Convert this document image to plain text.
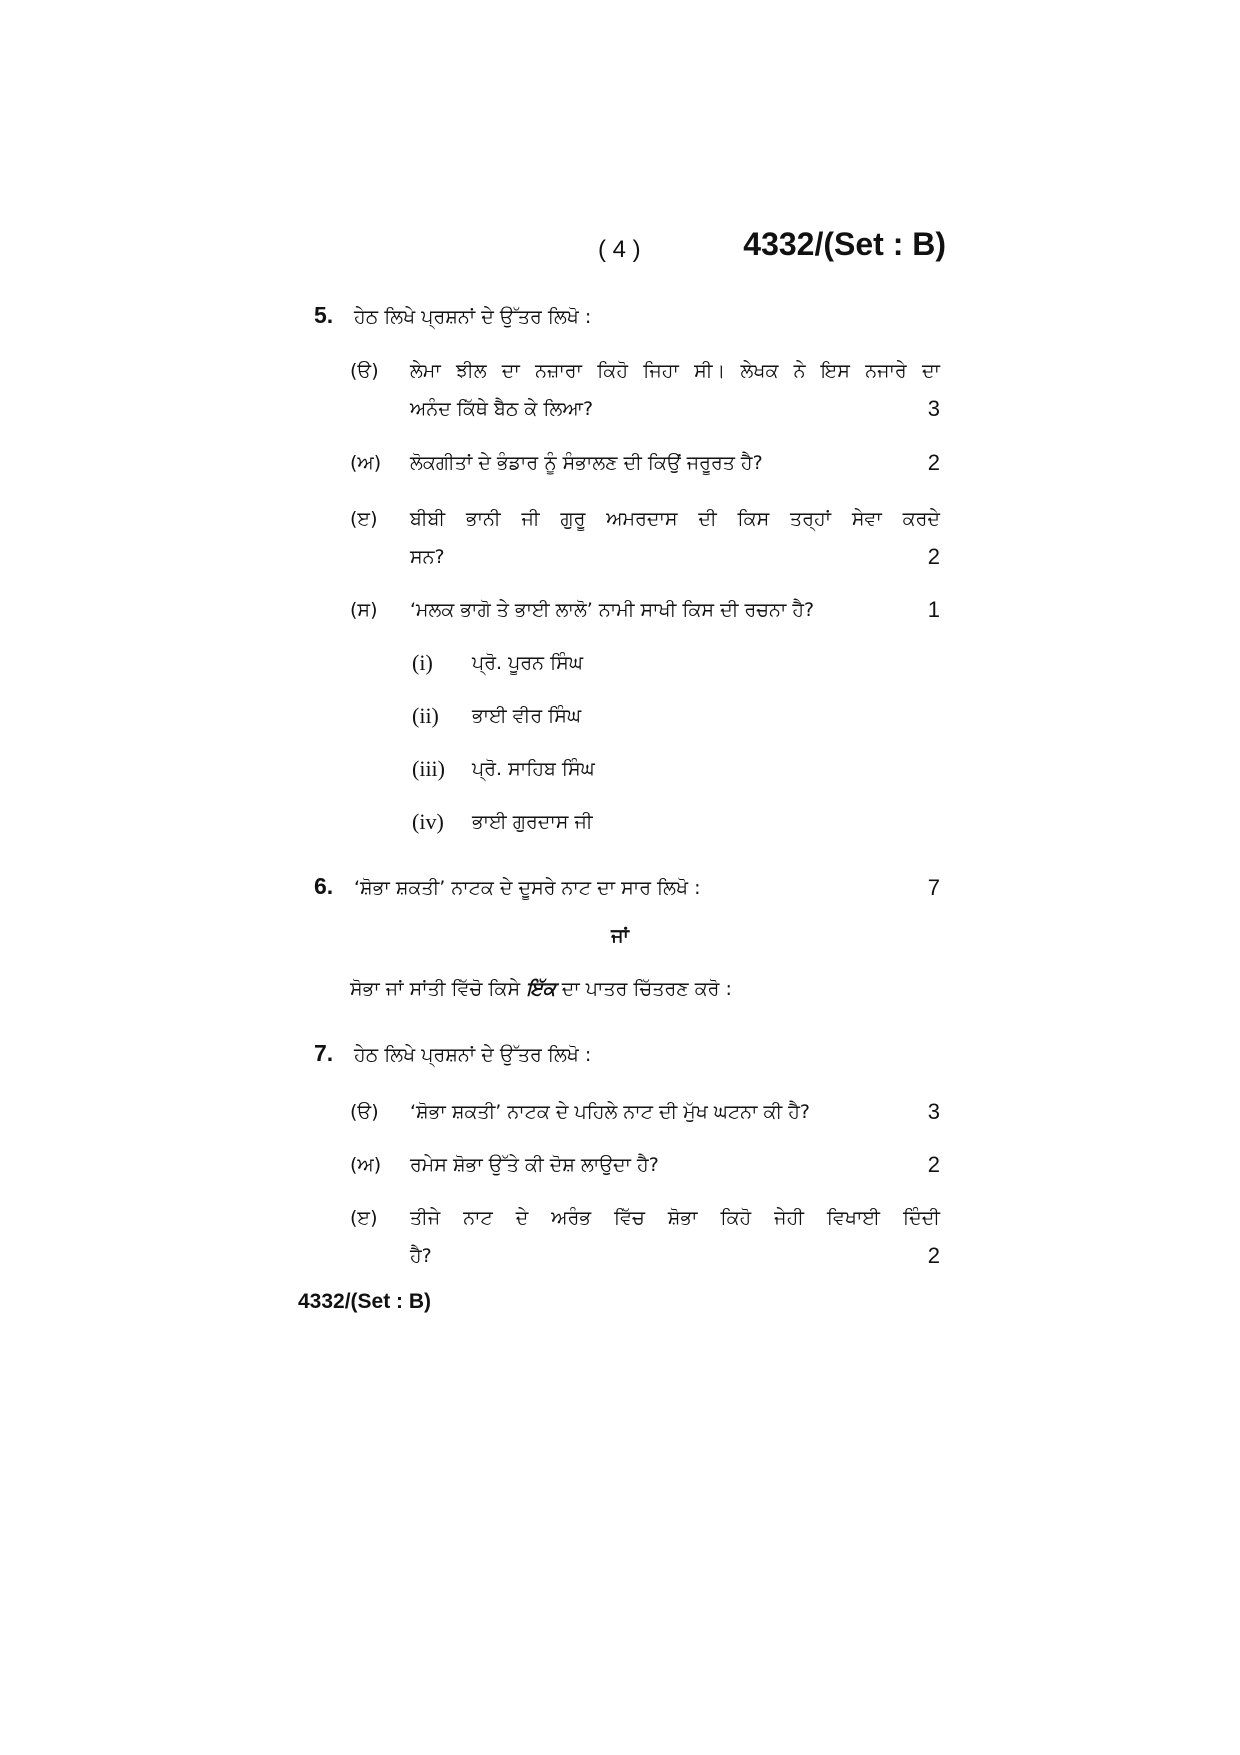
( 4 )	4332/(Set : B)
5. ਹੇਠ ਲਿਖੇ ਪ੍ਰਸ਼ਨਾਂ ਦੇ ਉੱਤਰ ਲਿਖੋ :
(ੳ) ਲੇਮਾ ਝੀਲ ਦਾ ਨਜ਼ਾਰਾ ਕਿਹੋ ਜਿਹਾ ਸੀ। ਲੇਖਕ ਨੇ ਇਸ ਨਜਾਰੇ ਦਾ
ਅਨੰਦ ਕਿੱਥੇ ਬੈਠ ਕੇ ਲਿਆ?	3
(ਅ) ਲੋਕਗੀਤਾਂ ਦੇ ਭੰਡਾਰ ਨੂੰ ਸੰਭਾਲਣ ਦੀ ਕਿਉਂ ਜਰੂਰਤ ਹੈ?	2
(ੲ) ਬੀਬੀ ਭਾਨੀ ਜੀ ਗੁਰੂ ਅਮਰਦਾਸ ਦੀ ਕਿਸ ਤਰ੍ਹਾਂ ਸੇਵਾ ਕਰਦੇ
ਸਨ?	2
(ਸ) ‘ਮਲਕ ਭਾਗੋ ਤੇ ਭਾਈ ਲਾਲੋ’ ਨਾਮੀ ਸਾਖੀ ਕਿਸ ਦੀ ਰਚਨਾ ਹੈ?	1
(i) ਪ੍ਰੋ. ਪੂਰਨ ਸਿੰਘ
(ii) ਭਾਈ ਵੀਰ ਸਿੰਘ
(iii) ਪ੍ਰੋ. ਸਾਹਿਬ ਸਿੰਘ
(iv) ਭਾਈ ਗੁਰਦਾਸ ਜੀ
6. ‘ਸ਼ੋਭਾ ਸ਼ਕਤੀ’ ਨਾਟਕ ਦੇ ਦੂਸਰੇ ਨਾਟ ਦਾ ਸਾਰ ਲਿਖੋ :	7
ਜਾਂ
ਸੋਭਾ ਜਾਂ ਸਾਂਤੀ ਵਿੱਚੋ ਕਿਸੇ ਇੱਕ ਦਾ ਪਾਤਰ ਚਿੱਤਰਣ ਕਰੋ :
7. ਹੇਠ ਲਿਖੇ ਪ੍ਰਸ਼ਨਾਂ ਦੇ ਉੱਤਰ ਲਿਖੋ :
(ੳ) ‘ਸ਼ੋਭਾ ਸ਼ਕਤੀ’ ਨਾਟਕ ਦੇ ਪਹਿਲੇ ਨਾਟ ਦੀ ਮੁੱਖ ਘਟਨਾ ਕੀ ਹੈ?	3
(ਅ) ਰਮੇਸ ਸ਼ੋਭਾ ਉੱਤੇ ਕੀ ਦੋਸ਼ ਲਾਉਦਾ ਹੈ?	2
(ੲ) ਤੀਜੇ ਨਾਟ ਦੇ ਅਰੰਭ ਵਿੱਚ ਸ਼ੋਭਾ ਕਿਹੋ ਜੇਹੀ ਵਿਖਾਈ ਦਿੰਦੀ
ਹੈ?	2
4332/(Set : B)
